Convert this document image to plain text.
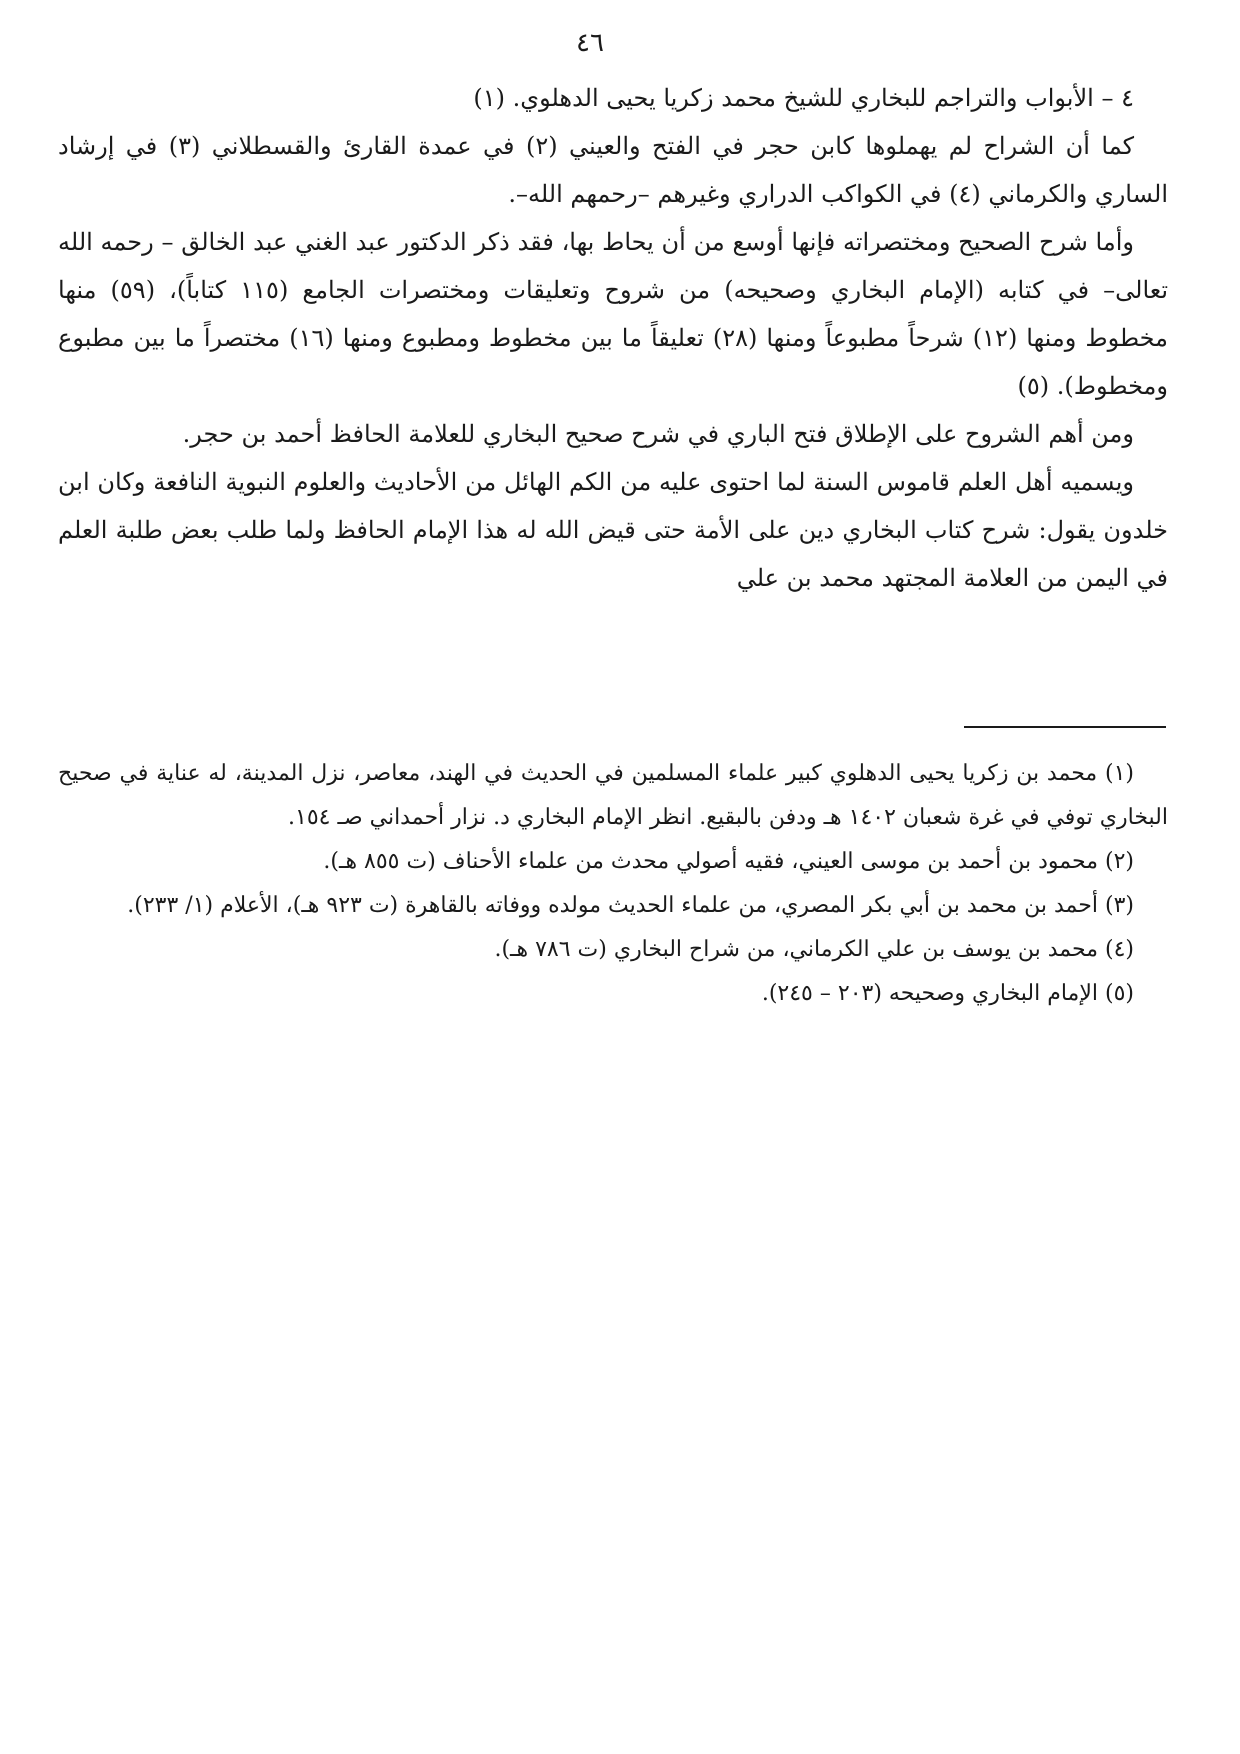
٤٦

٤ – الأبواب والتراجم للبخاري للشيخ محمد زكريا يحيى الدهلوي. (١)

كما أن الشراح لم يهملوها كابن حجر في الفتح والعيني (٢) في عمدة القارئ والقسطلاني (٣) في إرشاد الساري والكرماني (٤) في الكواكب الدراري وغيرهم –رحمهم الله–.

وأما شرح الصحيح ومختصراته فإنها أوسع من أن يحاط بها، فقد ذكر الدكتور عبد الغني عبد الخالق – رحمه الله تعالى– في كتابه (الإمام البخاري وصحيحه) من شروح وتعليقات ومختصرات الجامع (١١٥ كتاباً)، (٥٩) منها مخطوط ومنها (١٢) شرحاً مطبوعاً ومنها (٢٨) تعليقاً ما بين مخطوط ومطبوع ومنها (١٦) مختصراً ما بين مطبوع ومخطوط). (٥)

ومن أهم الشروح على الإطلاق فتح الباري في شرح صحيح البخاري للعلامة الحافظ أحمد بن حجر.

ويسميه أهل العلم قاموس السنة لما احتوى عليه من الكم الهائل من الأحاديث والعلوم النبوية النافعة وكان ابن خلدون يقول: شرح كتاب البخاري دين على الأمة حتى قيض الله له هذا الإمام الحافظ ولما طلب بعض طلبة العلم في اليمن من العلامة المجتهد محمد بن علي

(١) محمد بن زكريا يحيى الدهلوي كبير علماء المسلمين في الحديث في الهند، معاصر، نزل المدينة، له عناية في صحيح البخاري توفي في غرة شعبان ١٤٠٢ هـ ودفن بالبقيع. انظر الإمام البخاري د. نزار أحمداني صـ ١٥٤.

(٢) محمود بن أحمد بن موسى العيني، فقيه أصولي محدث من علماء الأحناف (ت ٨٥٥ هـ).

(٣) أحمد بن محمد بن أبي بكر المصري، من علماء الحديث مولده ووفاته بالقاهرة (ت ٩٢٣ هـ)، الأعلام (١/ ٢٣٣).

(٤) محمد بن يوسف بن علي الكرماني، من شراح البخاري (ت ٧٨٦ هـ).

(٥) الإمام البخاري وصحيحه (٢٠٣ – ٢٤٥).
